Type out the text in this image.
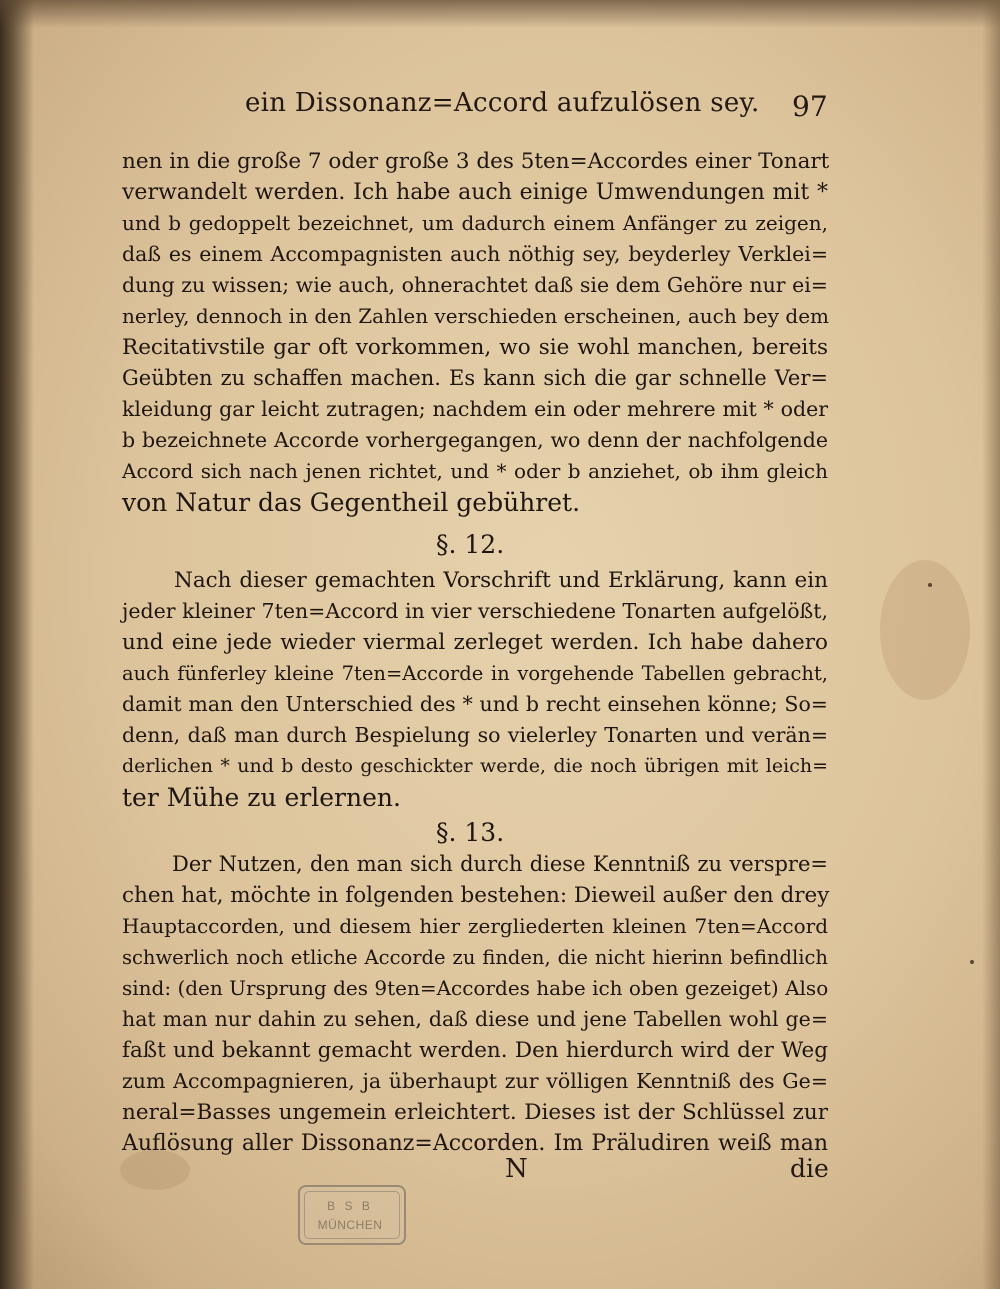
ein Dissonanz=Accord aufzulösen sey. 97
nen in die große 7 oder große 3 des 5ten=Accordes einer Tonart
verwandelt werden. Ich habe auch einige Umwendungen mit *
und b gedoppelt bezeichnet, um dadurch einem Anfänger zu zeigen,
daß es einem Accompagnisten auch nöthig sey, beyderley Verklei=
dung zu wissen; wie auch, ohnerachtet daß sie dem Gehöre nur ei=
nerley, dennoch in den Zahlen verschieden erscheinen, auch bey dem
Recitativstile gar oft vorkommen, wo sie wohl manchen, bereits
Geübten zu schaffen machen. Es kann sich die gar schnelle Ver=
kleidung gar leicht zutragen; nachdem ein oder mehrere mit * oder
b bezeichnete Accorde vorhergegangen, wo denn der nachfolgende
Accord sich nach jenen richtet, und * oder b anziehet, ob ihm gleich
von Natur das Gegentheil gebühret.
§. 12.
Nach dieser gemachten Vorschrift und Erklärung, kann ein
jeder kleiner 7ten=Accord in vier verschiedene Tonarten aufgelößt,
und eine jede wieder viermal zerleget werden. Ich habe dahero
auch fünferley kleine 7ten=Accorde in vorgehende Tabellen gebracht,
damit man den Unterschied des * und b recht einsehen könne; So=
denn, daß man durch Bespielung so vielerley Tonarten und verän=
derlichen * und b desto geschickter werde, die noch übrigen mit leich=
ter Mühe zu erlernen.
§. 13.
Der Nutzen, den man sich durch diese Kenntniß zu verspre=
chen hat, möchte in folgenden bestehen: Dieweil außer den drey
Hauptaccorden, und diesem hier zergliederten kleinen 7ten=Accord
schwerlich noch etliche Accorde zu finden, die nicht hierinn befindlich
sind: (den Ursprung des 9ten=Accordes habe ich oben gezeiget) Also
hat man nur dahin zu sehen, daß diese und jene Tabellen wohl ge=
faßt und bekannt gemacht werden. Den hierdurch wird der Weg
zum Accompagnieren, ja überhaupt zur völligen Kenntniß des Ge=
neral=Basses ungemein erleichtert. Dieses ist der Schlüssel zur
Auflösung aller Dissonanz=Accorden. Im Präludiren weiß man
N	die
B S B
MÜNCHEN
